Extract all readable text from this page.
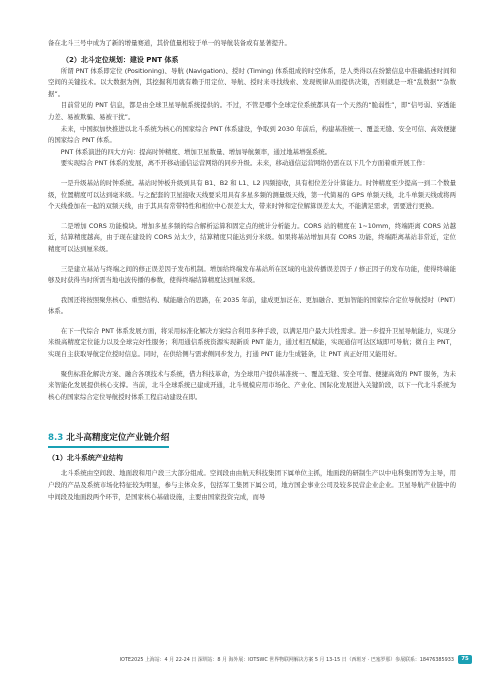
备在北斗三号中成为了新的增量赛道，其价值量相较于单一的导航装备或有显著提升。

（2）北斗定位规划：建设 PNT 体系

所谓 PNT 体系即定位 (Positioning)、导航 (Navigation)、授时 (Timing) 体系组成的时空体系，是人类得以在纷繁信息中准确描述时间和空间的关键技术。以大数据为例，其挖掘利用就有赖于用定位、导航、授时来寻找线索、发现规律从而提供决策，否则就是一堆“乱数据”“杂数据”。

目前常见的 PNT 信息，都是由全球卫星导航系统提供的。不过，不管是哪个全球定位系统都具有一个天然的“脆弱性”，即“信号弱、穿透能力差、易被欺骗、易被干扰”。

未来，中国拟加快推进以北斗系统为核心的国家综合 PNT 体系建设，争取到 2030 年前后，构建基准统一、覆盖无缝、安全可信、高效便捷的国家综合 PNT 体系。

PNT 体系演进的四大方向：提高时钟精度、增加卫星数量、增加导航频率，通过地基增强系统。

要实现综合 PNT 体系的发展，离不开移动通信运营网络的同步升级。未来，移动通信运营网络仍需在以下几个方面着重开展工作：

一是升级基站的时钟系统。基站时钟板升级到具有 B1、B2 和 L1、L2 四频接收，具有相位差分计算能力。时钟精度至少提高一到二个数量级，位置精度可以达到毫米级。与之配套的卫星接收天线要采用具有多星多频的测量级天线，第一代简易的 GPS 单频天线，北斗单频天线或将两个天线叠加在一起的双频天线，由于其具有常带特性和相位中心误差太大，带来时钟和定位解算误差太大，不能满足需求，需要进行更换。

二是增加 CORS 功能模块。增加多星多频的综合解析运算和固定点的统计分析能力。CORS 站的精度在 1~10mm，终端距离 CORS 站越近，结算精度越高，由于现在建设的 CORS 站太少，结算精度只能达到分米级。如果将基站增加具有 CORS 功能，终端距离基站非常近，定位精度可以达到厘米级。

三是建立基站与终端之间的修正误差因子发布机制。增加给终端发布基站所在区域的电波传播误差因子 / 修正因子的发布功能，使得终端能够及时获得当时所需当地电波传播的参数，使得终端结算精度达到厘米级。

我国还将按照聚焦核心、重塑结构、赋能融合的思路，在 2035 年前，建成更加泛在、更加融合、更加智能的国家综合定位导航授时（PNT）体系。

在下一代综合 PNT 体系发展方面，将采用标准化解决方案综合利用多种手段，以满足用户最大共性需求。进一步提升卫星导航能力，实现分米级高精度定位能力以及全球完好性服务；利用通信系统资源实现新质 PNT 能力，通过相互赋能，实现通信可达区域即可导航；微自主 PNT，实现自主获取导航定位授时信息。同时，在供给侧与需求侧同步发力，打通 PNT 能力生成链条，让 PNT 真正好用又能用好。

聚焦标准化解决方案、融合各项技术与系统，借力科技革命，为全球用户提供基准统一、覆盖无缝、安全可靠、便捷高效的 PNT 服务，为未来智能化发展提供核心支撑。当前，北斗全球系统已建成开通，北斗规模应用市场化、产业化、国际化发展进入关键阶段，以下一代北斗系统为核心的国家综合定位导航授时体系工程启动建设在即。

8.3 北斗高精度定位产业链介绍
（1）北斗系统产业结构

北斗系统由空间段、地面段和用户段三大部分组成。空间段由由航天科技集团下属单位主抓，地面段的研制生产以中电科集团等为主导，用户段的产品及系统市场化特征较为明显，参与主体众多，包括军工集团下属公司，地方国企事业公司及较多民营企业企业。卫星导航产业链中的中间段及地面段两个环节，是国家核心基础设施，主要由国家投资完成，而导

IOTE2025 上海站：4 月 22-24 日 深圳站：8 月 海外展：IOTSWC 世界物联网解决方案 5 月 13-15 日（西班牙 · 巴塞罗那）参展联系：18476385933	75
